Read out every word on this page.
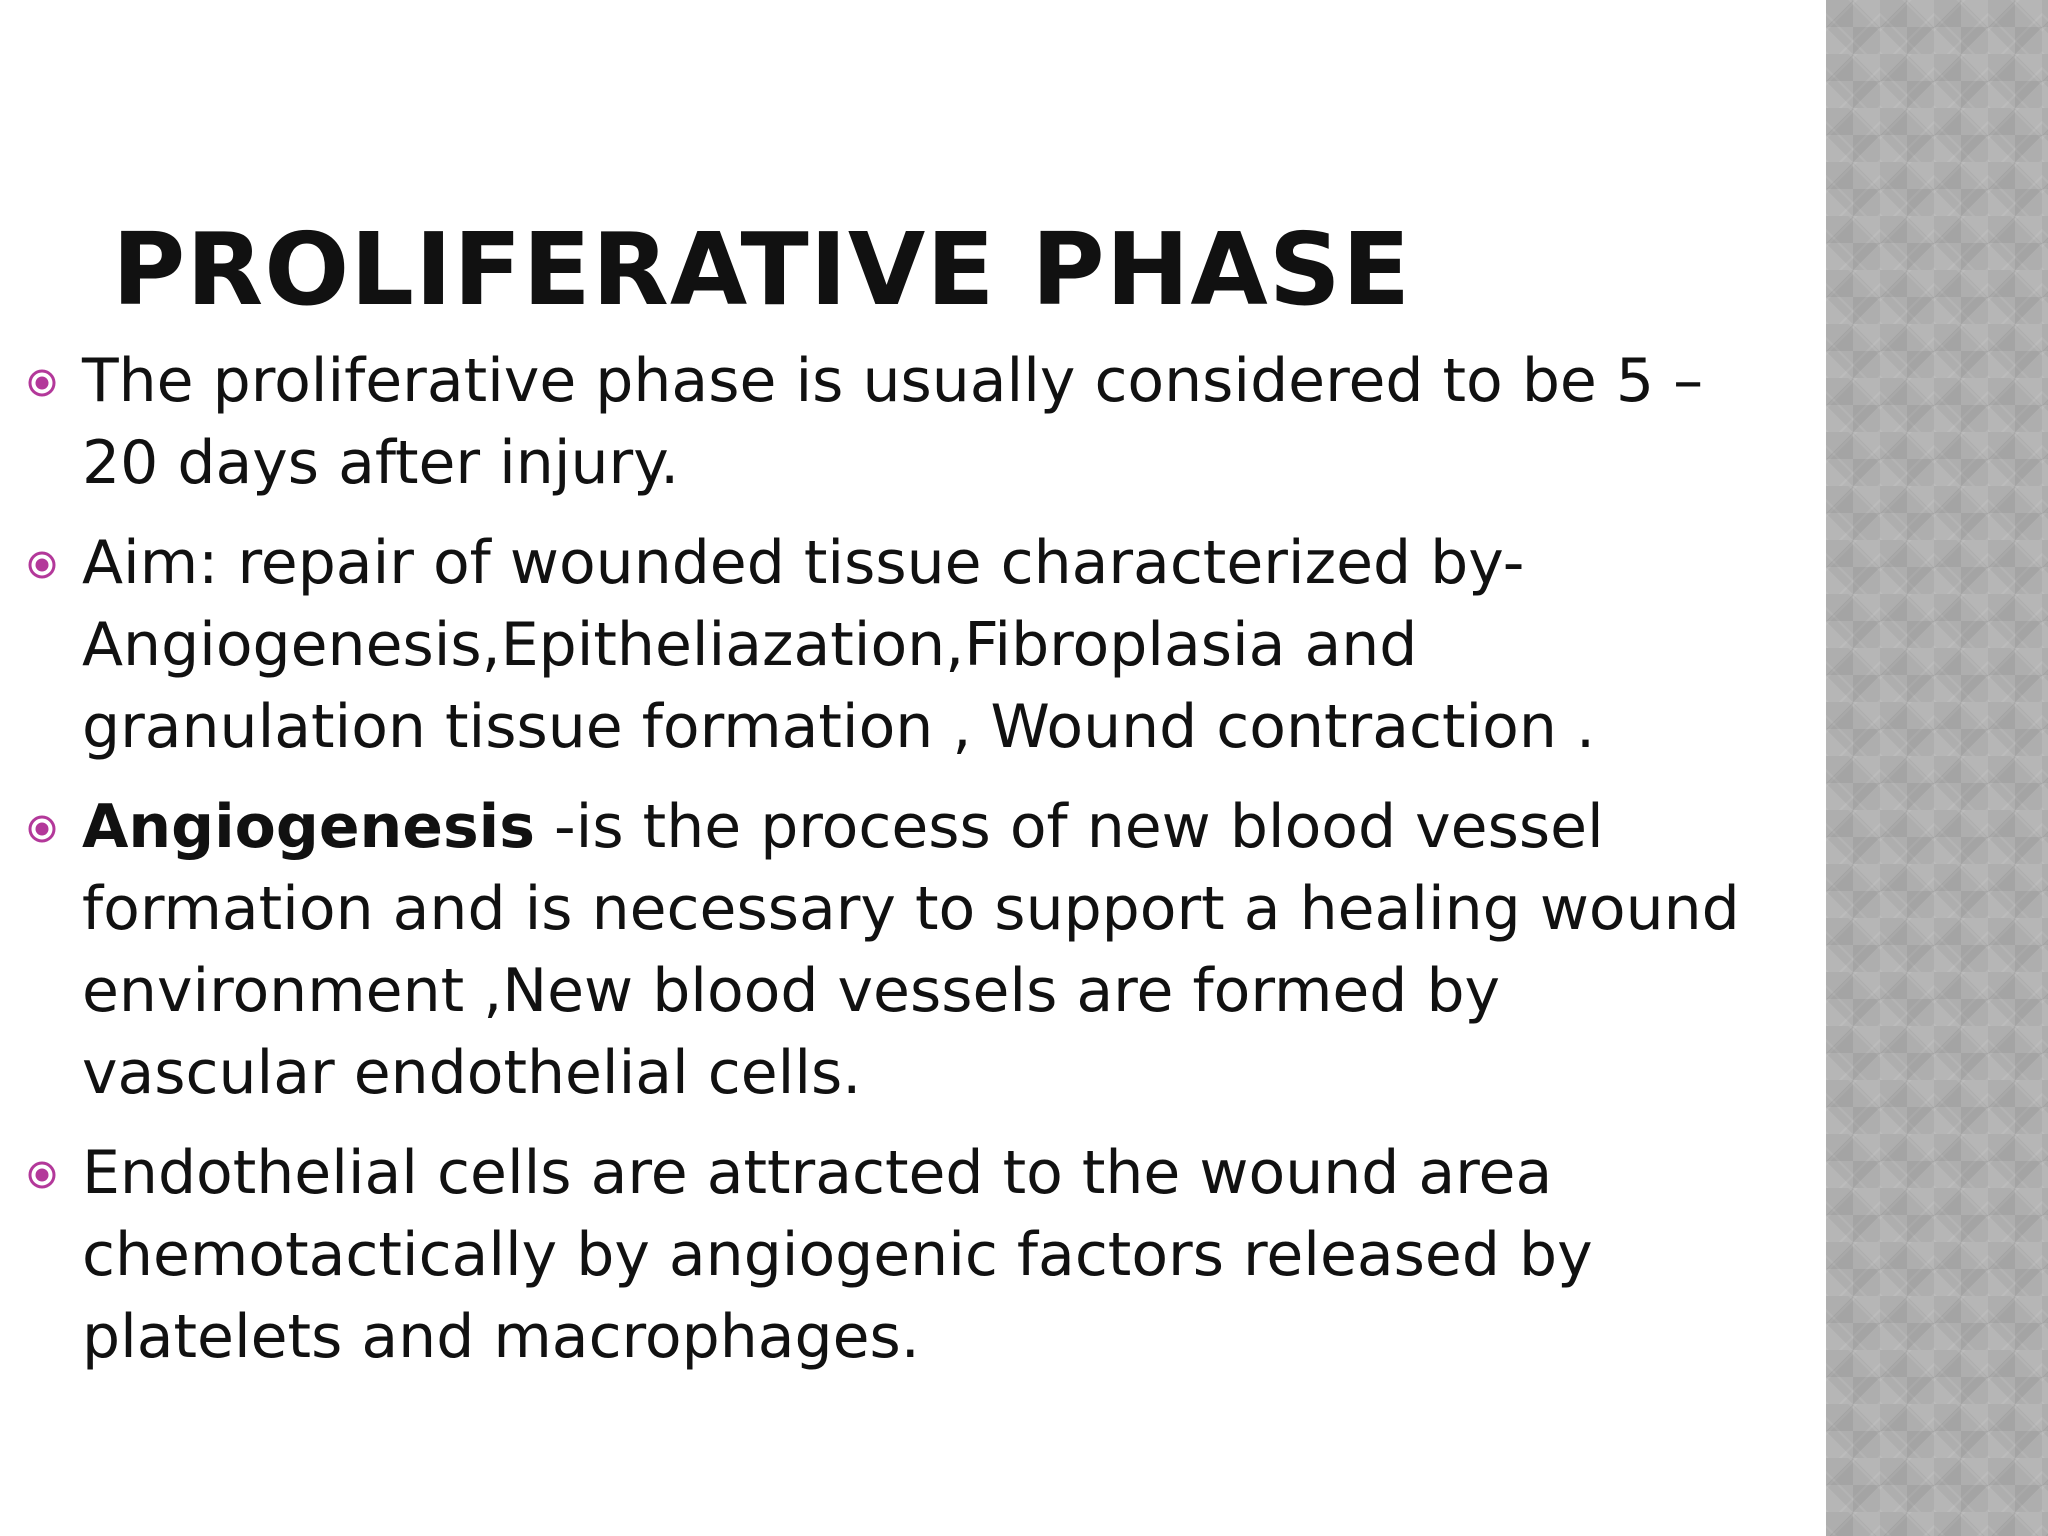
PROLIFERATIVE PHASE
The proliferative phase is usually considered to be 5 – 20 days after injury.
Aim: repair of wounded tissue characterized by- Angiogenesis,Epitheliazation,Fibroplasia and granulation tissue formation , Wound contraction .
Angiogenesis -is the process of new blood vessel formation and is necessary to support a healing wound environment ,New blood vessels are formed by vascular endothelial cells.
Endothelial cells are attracted to the wound area chemotactically by angiogenic factors released by platelets and macrophages.
